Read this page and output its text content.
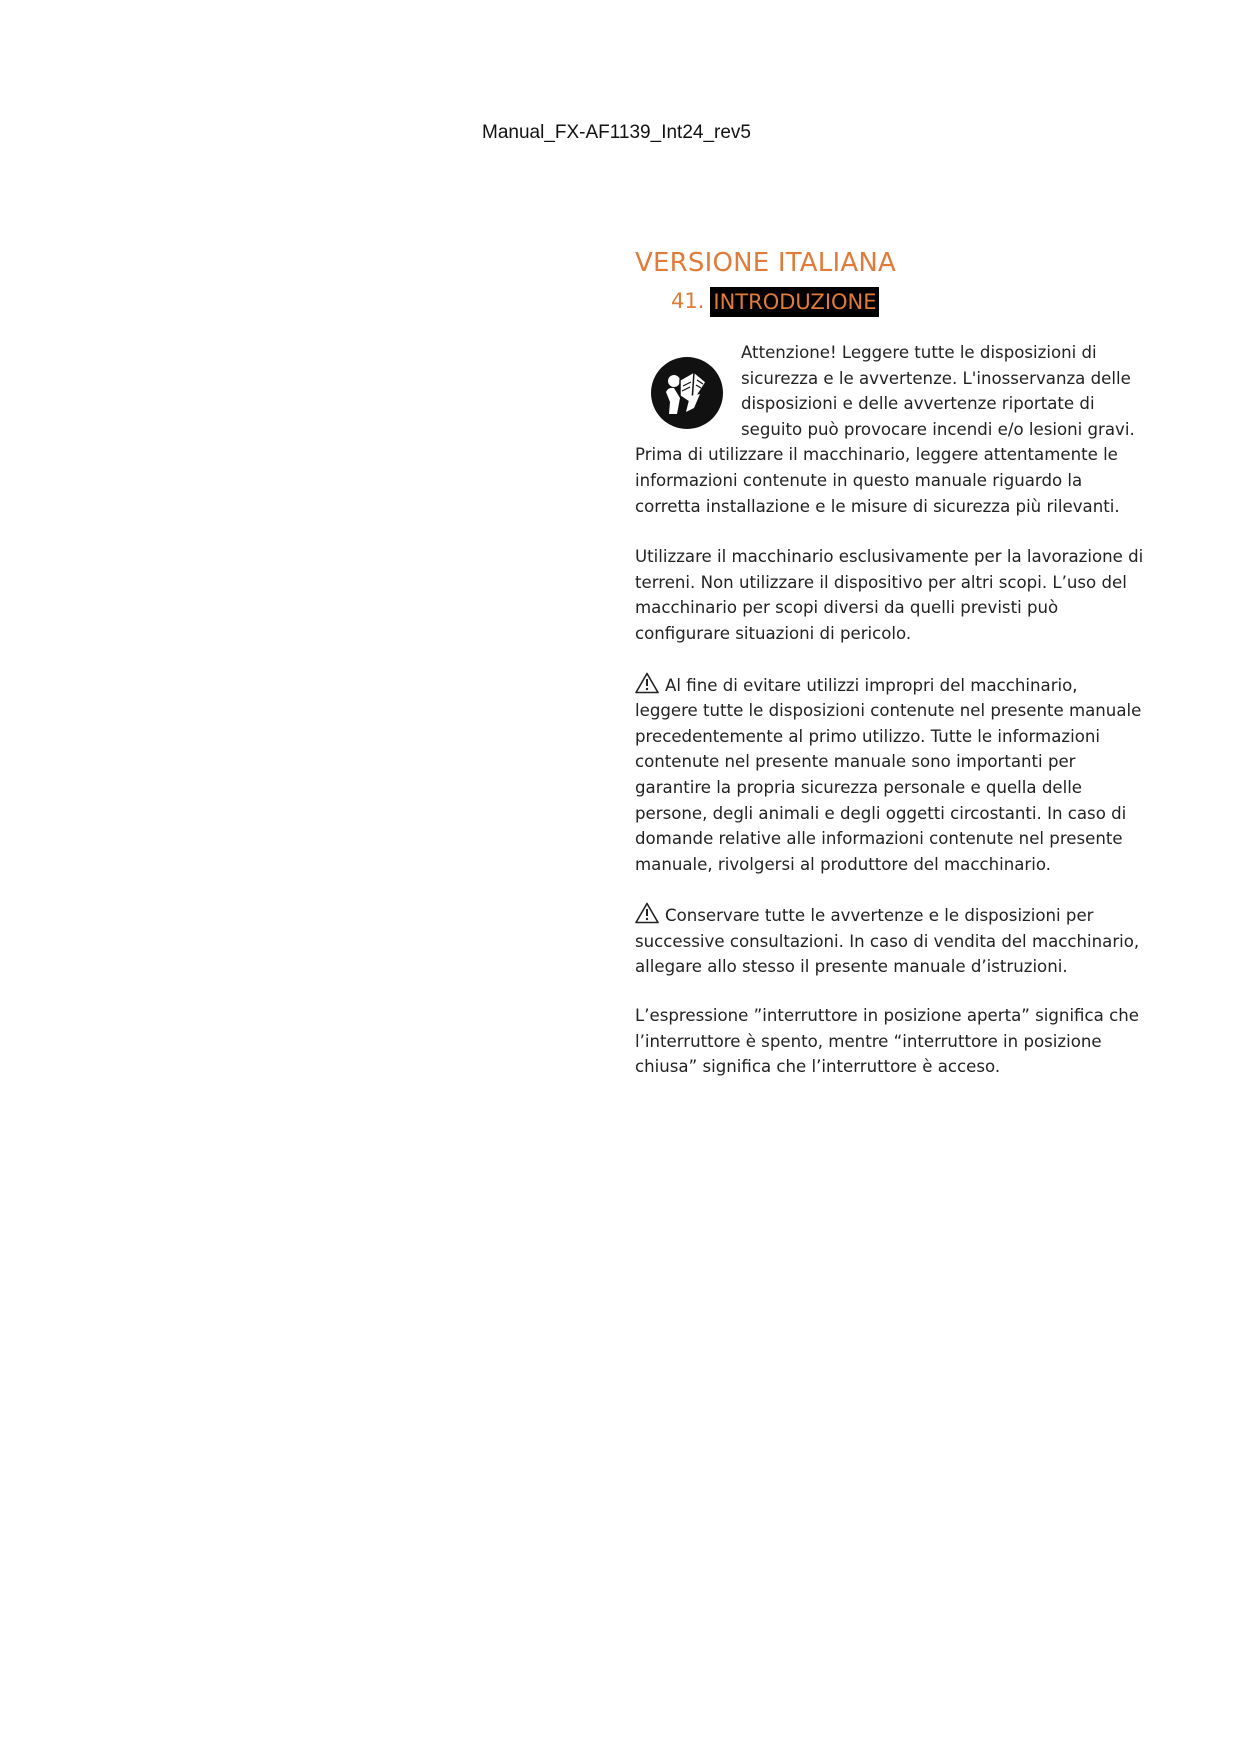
Manual_FX-AF1139_Int24_rev5
VERSIONE ITALIANA
41. INTRODUZIONE
Attenzione! Leggere tutte le disposizioni di
sicurezza e le avvertenze. L'inosservanza delle
disposizioni e delle avvertenze riportate di
seguito può provocare incendi e/o lesioni gravi.
Prima di utilizzare il macchinario, leggere attentamente le
informazioni contenute in questo manuale riguardo la
corretta installazione e le misure di sicurezza più rilevanti.

Utilizzare il macchinario esclusivamente per la lavorazione di
terreni. Non utilizzare il dispositivo per altri scopi. L’uso del
macchinario per scopi diversi da quelli previsti può
configurare situazioni di pericolo.

Al fine di evitare utilizzi impropri del macchinario,
leggere tutte le disposizioni contenute nel presente manuale
precedentemente al primo utilizzo. Tutte le informazioni
contenute nel presente manuale sono importanti per
garantire la propria sicurezza personale e quella delle
persone, degli animali e degli oggetti circostanti. In caso di
domande relative alle informazioni contenute nel presente
manuale, rivolgersi al produttore del macchinario.

Conservare tutte le avvertenze e le disposizioni per
successive consultazioni. In caso di vendita del macchinario,
allegare allo stesso il presente manuale d’istruzioni.

L’espressione ”interruttore in posizione aperta” significa che
l’interruttore è spento, mentre “interruttore in posizione
chiusa” significa che l’interruttore è acceso.
